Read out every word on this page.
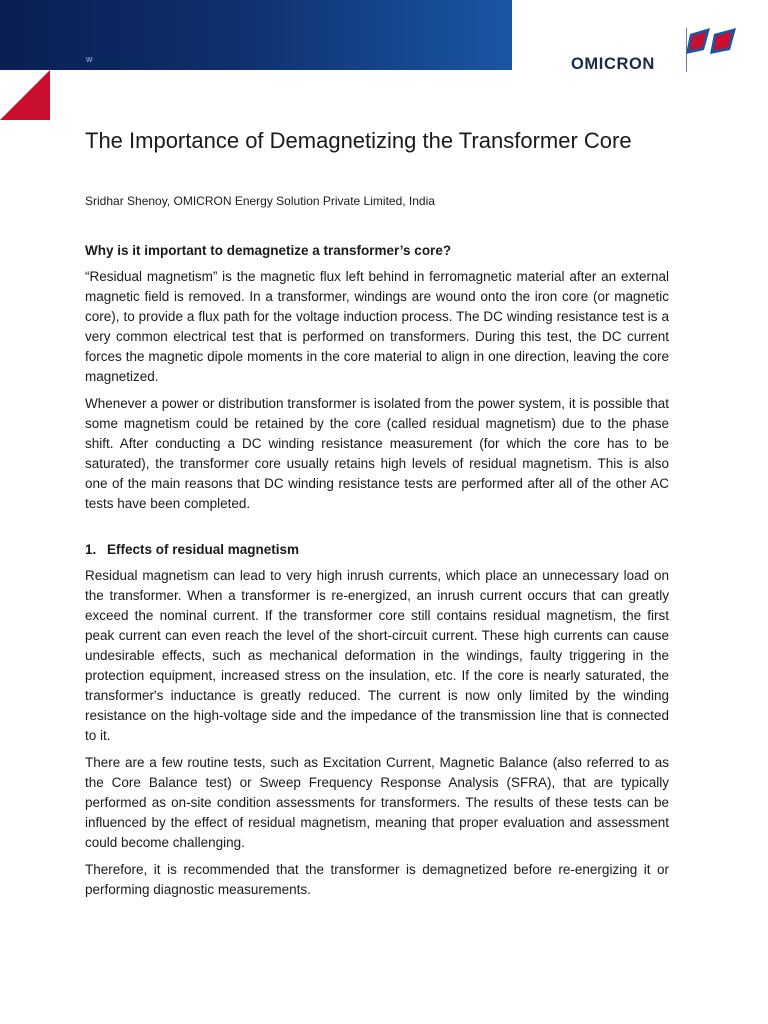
w	OMICRON
The Importance of Demagnetizing the Transformer Core
Sridhar Shenoy, OMICRON Energy Solution Private Limited, India
Why is it important to demagnetize a transformer’s core?

“Residual magnetism” is the magnetic flux left behind in ferromagnetic material after an external magnetic field is removed. In a transformer, windings are wound onto the iron core (or magnetic core), to provide a flux path for the voltage induction process. The DC winding resistance test is a very common electrical test that is performed on transformers. During this test, the DC current forces the magnetic dipole moments in the core material to align in one direction, leaving the core magnetized.

Whenever a power or distribution transformer is isolated from the power system, it is possible that some magnetism could be retained by the core (called residual magnetism) due to the phase shift. After conducting a DC winding resistance measurement (for which the core has to be saturated), the transformer core usually retains high levels of residual magnetism. This is also one of the main reasons that DC winding resistance tests are performed after all of the other AC tests have been completed.

1. Effects of residual magnetism

Residual magnetism can lead to very high inrush currents, which place an unnecessary load on the transformer. When a transformer is re-energized, an inrush current occurs that can greatly exceed the nominal current. If the transformer core still contains residual magnetism, the first peak current can even reach the level of the short-circuit current. These high currents can cause undesirable effects, such as mechanical deformation in the windings, faulty triggering in the protection equipment, increased stress on the insulation, etc. If the core is nearly saturated, the transformer's inductance is greatly reduced. The current is now only limited by the winding resistance on the high-voltage side and the impedance of the transmission line that is connected to it.

There are a few routine tests, such as Excitation Current, Magnetic Balance (also referred to as the Core Balance test) or Sweep Frequency Response Analysis (SFRA), that are typically performed as on-site condition assessments for transformers. The results of these tests can be influenced by the effect of residual magnetism, meaning that proper evaluation and assessment could become challenging.

Therefore, it is recommended that the transformer is demagnetized before re-energizing it or performing diagnostic measurements.
